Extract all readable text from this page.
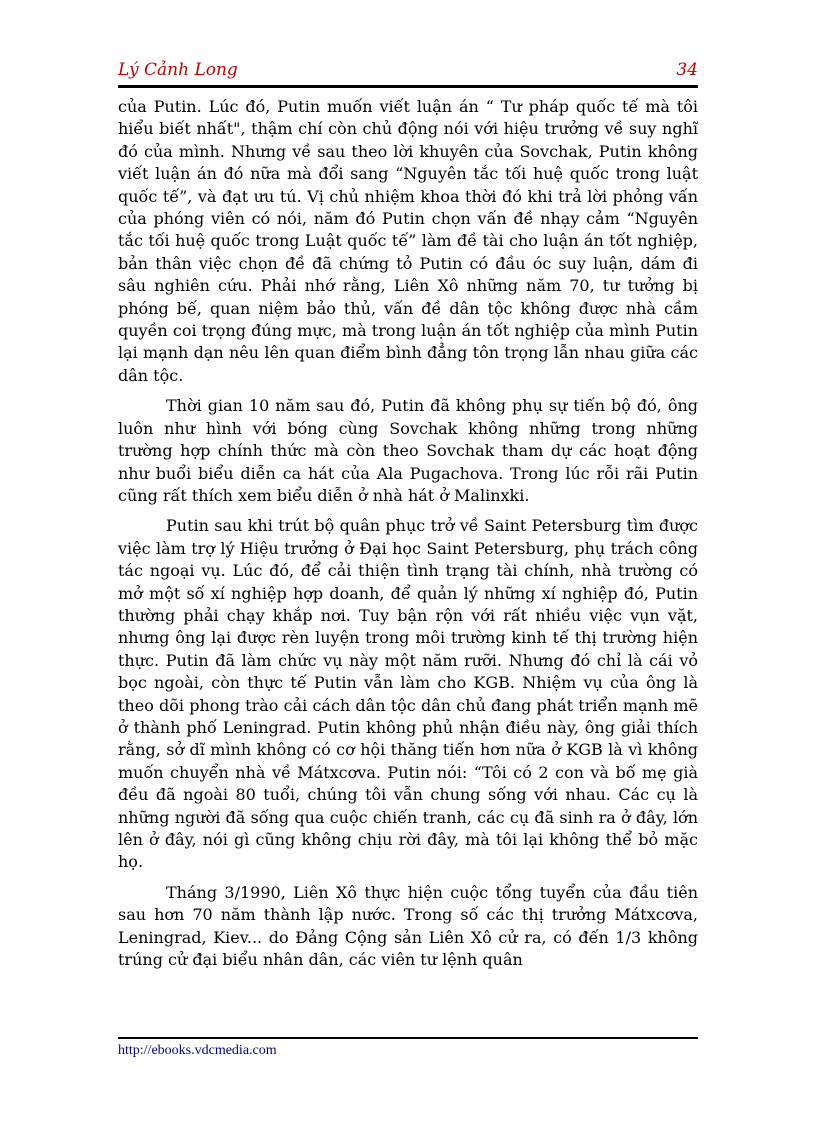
Lý Cảnh Long	34

của Putin. Lúc đó, Putin muốn viết luận án “ Tư pháp quốc tế mà tôi hiểu biết nhất", thậm chí còn chủ động nói với hiệu trưởng về suy nghĩ đó của mình. Nhưng về sau theo lời khuyên của Sovchak, Putin không viết luận án đó nữa mà đổi sang “Nguyên tắc tối huệ quốc trong luật quốc tế”, và đạt ưu tú. Vị chủ nhiệm khoa thời đó khi trả lời phỏng vấn của phóng viên có nói, năm đó Putin chọn vấn đề nhạy cảm “Nguyên tắc tối huệ quốc trong Luật quốc tế” làm đề tài cho luận án tốt nghiệp, bản thân việc chọn đề đã chứng tỏ Putin có đầu óc suy luận, dám đi sâu nghiên cứu. Phải nhớ rằng, Liên Xô những năm 70, tư tưởng bị phóng bế, quan niệm bảo thủ, vấn đề dân tộc không được nhà cầm quyền coi trọng đúng mực, mà trong luận án tốt nghiệp của mình Putin lại mạnh dạn nêu lên quan điểm bình đẳng tôn trọng lẫn nhau giữa các dân tộc.

Thời gian 10 năm sau đó, Putin đã không phụ sự tiến bộ đó, ông luôn như hình với bóng cùng Sovchak không những trong những trường hợp chính thức mà còn theo Sovchak tham dự các hoạt động như buổi biểu diễn ca hát của Ala Pugachova. Trong lúc rỗi rãi Putin cũng rất thích xem biểu diễn ở nhà hát ở Malinxki.

Putin sau khi trút bộ quân phục trở về Saint Petersburg tìm được việc làm trợ lý Hiệu trưởng ở Đại học Saint Petersburg, phụ trách công tác ngoại vụ. Lúc đó, để cải thiện tình trạng tài chính, nhà trường có mở một số xí nghiệp hợp doanh, để quản lý những xí nghiệp đó, Putin thường phải chạy khắp nơi. Tuy bận rộn với rất nhiều việc vụn vặt, nhưng ông lại được rèn luyện trong môi trường kinh tế thị trường hiện thực. Putin đã làm chức vụ này một năm rưỡi. Nhưng đó chỉ là cái vỏ bọc ngoài, còn thực tế Putin vẫn làm cho KGB. Nhiệm vụ của ông là theo dõi phong trào cải cách dân tộc dân chủ đang phát triển mạnh mẽ ở thành phố Leningrad. Putin không phủ nhận điều này, ông giải thích rằng, sở dĩ mình không có cơ hội thăng tiến hơn nữa ở KGB là vì không muốn chuyển nhà về Mátxcơva. Putin nói: “Tôi có 2 con và bố mẹ già đều đã ngoài 80 tuổi, chúng tôi vẫn chung sống với nhau. Các cụ là những người đã sống qua cuộc chiến tranh, các cụ đã sinh ra ở đây, lớn lên ở đây, nói gì cũng không chịu rời đây, mà tôi lại không thể bỏ mặc họ.

Tháng 3/1990, Liên Xô thực hiện cuộc tổng tuyển của đầu tiên sau hơn 70 năm thành lập nước. Trong số các thị trưởng Mátxcơva, Leningrad, Kiev... do Đảng Cộng sản Liên Xô cử ra, có đến 1/3 không trúng cử đại biểu nhân dân, các viên tư lệnh quân

http://ebooks.vdcmedia.com
